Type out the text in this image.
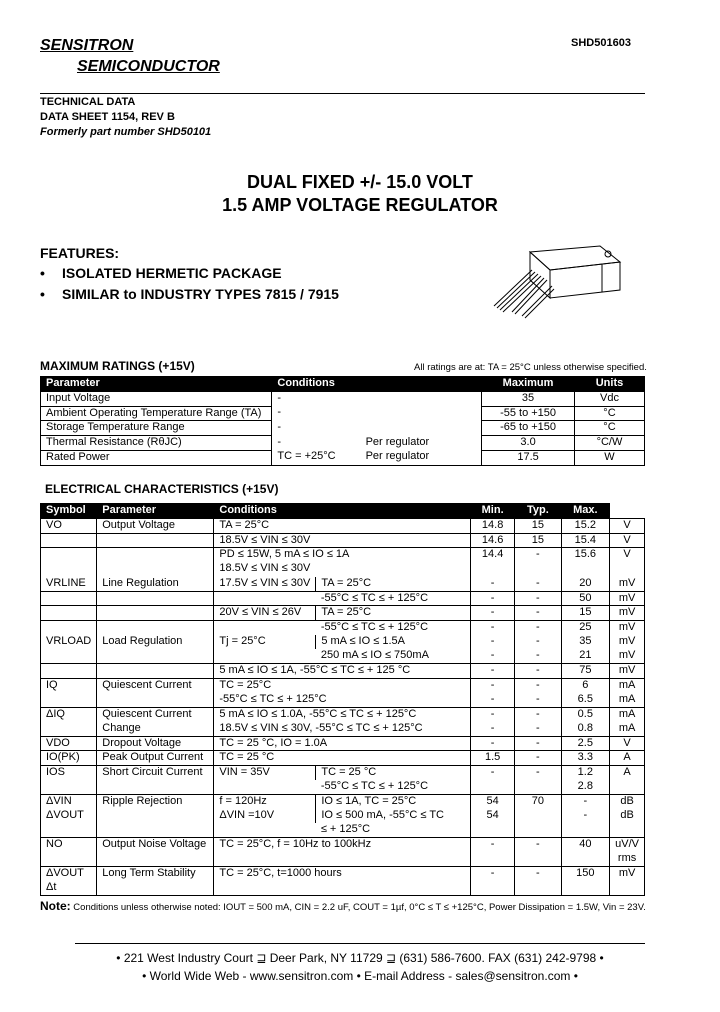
SENSITRON
SEMICONDUCTOR
SHD501603
TECHNICAL DATA
DATA SHEET 1154, REV B
Formerly part number SHD50101
DUAL FIXED +/- 15.0 VOLT
1.5 AMP VOLTAGE REGULATOR
FEATURES:
• ISOLATED HERMETIC PACKAGE
• SIMILAR to INDUSTRY TYPES 7815 / 7915
MAXIMUM RATINGS (+15V)	All ratings are at: TA = 25°C unless otherwise specified.
Parameter	Conditions		Maximum	Units
Input Voltage	-		35	Vdc
Ambient Operating Temperature Range (TA)	-		-55 to +150	°C
Storage Temperature Range	-		-65 to +150	°C
Thermal Resistance (RθJC)	-	Per regulator	3.0	°C/W
Rated Power	TC = +25°C	Per regulator	17.5	W
ELECTRICAL CHARACTERISTICS (+15V)
Symbol	Parameter	Conditions		Min.	Typ.	Max.	
VO	Output Voltage	TA = 25°C		14.8	15	15.2	V
		18.5V ≤ VIN ≤ 30V		14.6	15	15.4	V
		PD ≤ 15W, 5 mA ≤ IO ≤ 1A		14.4	-	15.6	V
		18.5V ≤ VIN ≤ 30V					
VRLINE	Line Regulation	17.5V ≤ VIN ≤ 30V	TA = 25°C	-	-	20	mV
			-55°C ≤ TC ≤ + 125°C	-	-	50	mV
		20V ≤ VIN ≤ 26V	TA = 25°C	-	-	15	mV
			-55°C ≤ TC ≤ + 125°C	-	-	25	mV
VRLOAD	Load Regulation	Tj = 25°C	5 mA ≤ IO ≤ 1.5A	-	-	35	mV
			250 mA ≤ IO ≤ 750mA	-	-	21	mV
		5 mA ≤ IO ≤ 1A, -55°C ≤ TC ≤ + 125 °C		-	-	75	mV
IQ	Quiescent Current	TC = 25°C		-	-	6	mA
		-55°C ≤ TC ≤ + 125°C		-	-	6.5	mA
ΔIQ	Quiescent Current	5 mA ≤ IO ≤ 1.0A, -55°C ≤ TC ≤ + 125°C		-	-	0.5	mA
	Change	18.5V ≤ VIN ≤ 30V, -55°C ≤ TC ≤ + 125°C		-	-	0.8	mA
VDO	Dropout Voltage	TC = 25 °C, IO = 1.0A		-	-	2.5	V
IO(PK)	Peak Output Current	TC = 25 °C		1.5	-	3.3	A
IOS	Short Circuit Current	VIN = 35V	TC = 25 °C	-	-	1.2	A
			-55°C ≤ TC ≤ + 125°C			2.8	
ΔVIN	Ripple Rejection	f = 120Hz	IO ≤ 1A, TC = 25°C	54	70	-	dB
ΔVOUT		ΔVIN =10V	IO ≤ 500 mA, -55°C ≤ TC	54		-	dB
			≤ + 125°C				
NO	Output Noise Voltage	TC = 25°C, f = 10Hz to 100kHz		-	-	40	uV/V
							rms
ΔVOUT	Long Term Stability	TC = 25°C, t=1000 hours		-	-	150	mV
Δt							
Note: Conditions unless otherwise noted: IOUT = 500 mA, CIN = 2.2 uF, COUT = 1µf, 0°C ≤ T ≤ +125°C, Power Dissipation = 1.5W, Vin = 23V.
• 221 West Industry Court ⊒ Deer Park, NY 11729 ⊒ (631) 586-7600. FAX (631) 242-9798 •
• World Wide Web - www.sensitron.com • E-mail Address - sales@sensitron.com •
